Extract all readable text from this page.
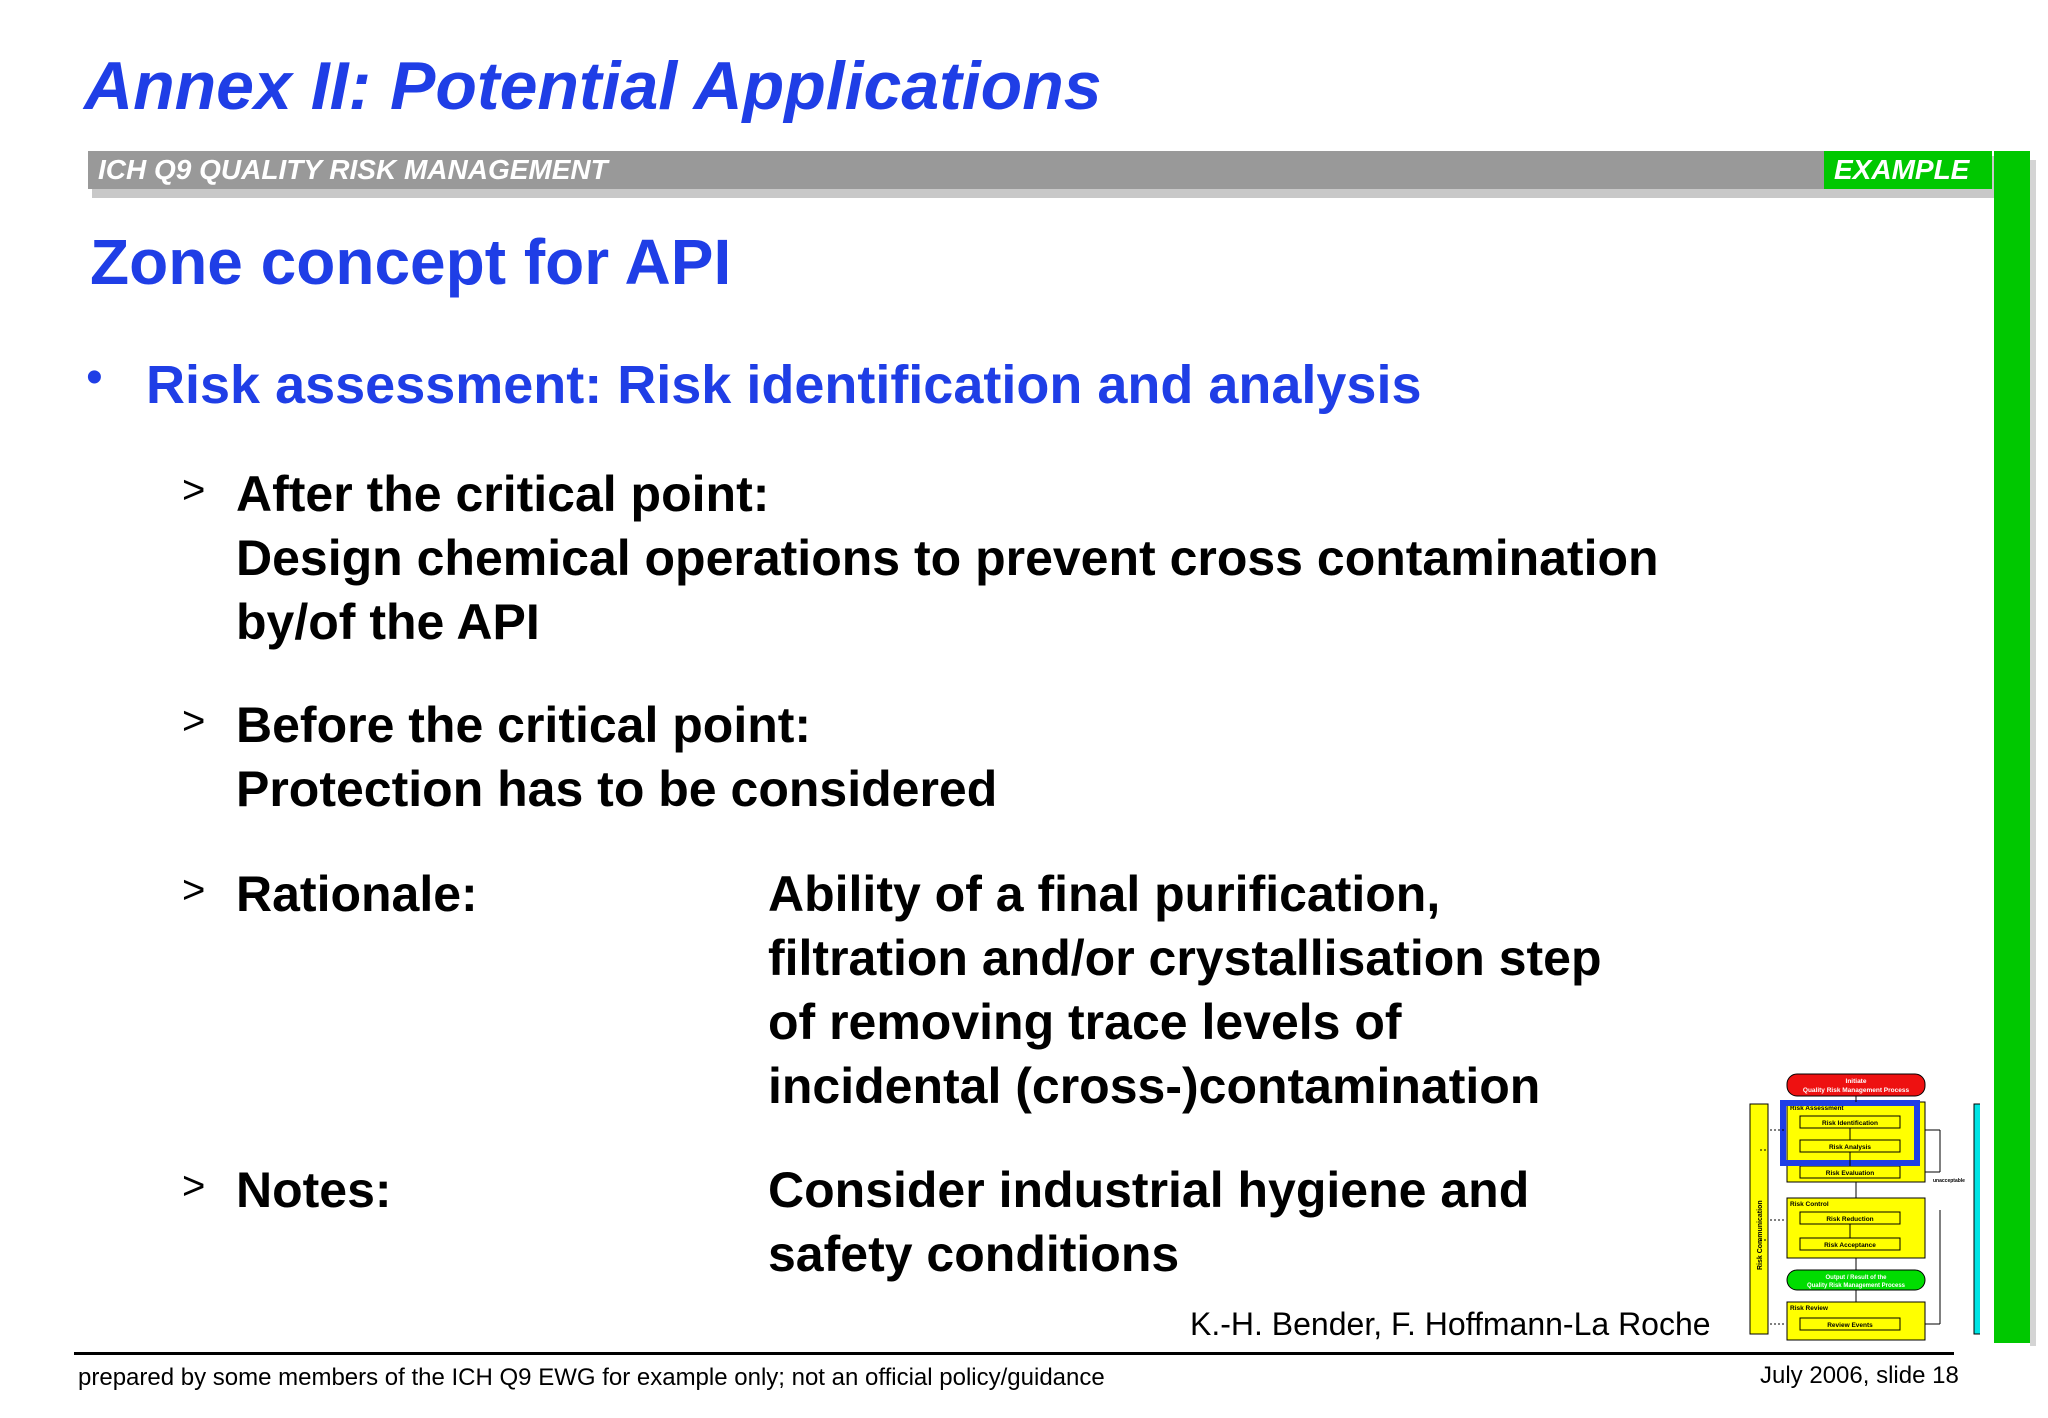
Annex II: Potential Applications
ICH Q9 QUALITY RISK MANAGEMENT	EXAMPLE
Zone concept for API
• Risk assessment: Risk identification and analysis
> After the critical point:
Design chemical operations to prevent cross contamination
by/of the API
> Before the critical point:
Protection has to be considered
> Rationale:	Ability of a final purification,
filtration and/or crystallisation step
of removing trace levels of
incidental (cross-)contamination
> Notes:	Consider industrial hygiene and
safety conditions
K.-H. Bender, F. Hoffmann-La Roche
Risk Communication
Initiate
Quality Risk Management Process
Risk Assessment
Risk Identification
Risk Analysis
Risk Evaluation
unacceptable
Risk Control
Risk Reduction
Risk Acceptance
Output / Result of the
Quality Risk Management Process
Risk Review
Review Events
prepared by some members of the ICH Q9 EWG for example only; not an official policy/guidance	July 2006, slide 18
